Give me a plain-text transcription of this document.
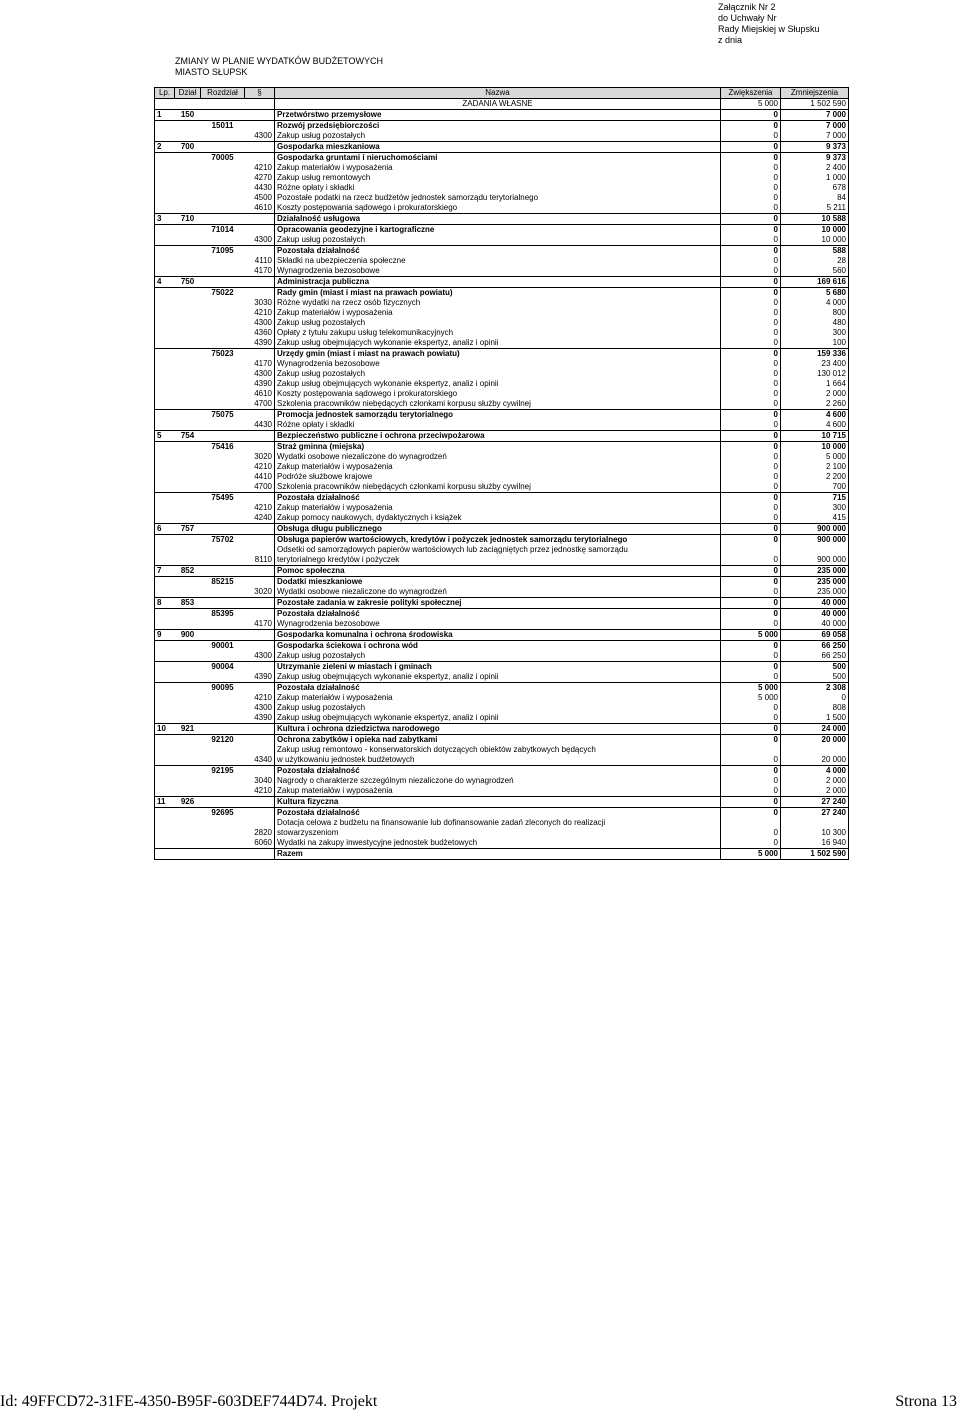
Załącznik Nr 2
do Uchwały Nr
Rady Miejskiej w Słupsku
z dnia
ZMIANY W PLANIE WYDATKÓW BUDŻETOWYCH
MIASTO SŁUPSK
Lp.	Dział	Rozdział	§	Nazwa	Zwiększenia	Zmniejszenia
				ZADANIA WŁASNE	5 000	1 502 590
1	150			Przetwórstwo przemysłowe	0	7 000
		15011		Rozwój przedsiębiorczości	0	7 000
			4300	Zakup usług pozostałych	0	7 000
2	700			Gospodarka mieszkaniowa	0	9 373
		70005		Gospodarka gruntami i nieruchomościami	0	9 373
			4210	Zakup materiałów i wyposażenia	0	2 400
			4270	Zakup usług remontowych	0	1 000
			4430	Różne opłaty i składki	0	678
			4500	Pozostałe podatki na rzecz budżetów jednostek samorządu terytorialnego	0	84
			4610	Koszty postępowania sądowego i prokuratorskiego	0	5 211
3	710			Działalność usługowa	0	10 588
		71014		Opracowania geodezyjne i kartograficzne	0	10 000
			4300	Zakup usług pozostałych	0	10 000
		71095		Pozostała działalność	0	588
			4110	Składki na ubezpieczenia społeczne	0	28
			4170	Wynagrodzenia bezosobowe	0	560
4	750			Administracja publiczna	0	169 616
		75022		Rady gmin (miast i miast na prawach powiatu)	0	5 680
			3030	Różne wydatki na rzecz osób fizycznych	0	4 000
			4210	Zakup materiałów i wyposażenia	0	800
			4300	Zakup usług pozostałych	0	480
			4360	Opłaty z tytułu zakupu usług telekomunikacyjnych	0	300
			4390	Zakup usług obejmujących wykonanie ekspertyz, analiz i opinii	0	100
		75023		Urzędy gmin (miast i miast na prawach powiatu)	0	159 336
			4170	Wynagrodzenia bezosobowe	0	23 400
			4300	Zakup usług pozostałych	0	130 012
			4390	Zakup usług obejmujących wykonanie ekspertyz, analiz i opinii	0	1 664
			4610	Koszty postępowania sądowego i prokuratorskiego	0	2 000
			4700	Szkolenia pracowników niebędących członkami korpusu służby cywilnej	0	2 260
		75075		Promocja jednostek samorządu terytorialnego	0	4 600
			4430	Różne opłaty i składki	0	4 600
5	754			Bezpieczeństwo publiczne i ochrona przeciwpożarowa	0	10 715
		75416		Straż gminna (miejska)	0	10 000
			3020	Wydatki osobowe niezaliczone do wynagrodzeń	0	5 000
			4210	Zakup materiałów i wyposażenia	0	2 100
			4410	Podróże służbowe krajowe	0	2 200
			4700	Szkolenia pracowników niebędących członkami korpusu służby cywilnej	0	700
		75495		Pozostała działalność	0	715
			4210	Zakup materiałów i wyposażenia	0	300
			4240	Zakup pomocy naukowych, dydaktycznych i książek	0	415
6	757			Obsługa długu publicznego	0	900 000
		75702		Obsługa papierów wartościowych, kredytów i pożyczek jednostek samorządu terytorialnego	0	900 000
			8110	Odsetki od samorządowych papierów wartościowych lub zaciągniętych przez jednostkę samorządu
terytorialnego kredytów i pożyczek	0	900 000
7	852			Pomoc społeczna	0	235 000
		85215		Dodatki mieszkaniowe	0	235 000
			3020	Wydatki osobowe niezaliczone do wynagrodzeń	0	235 000
8	853			Pozostałe zadania w zakresie polityki społecznej	0	40 000
		85395		Pozostała działalność	0	40 000
			4170	Wynagrodzenia bezosobowe	0	40 000
9	900			Gospodarka komunalna i ochrona środowiska	5 000	69 058
		90001		Gospodarka ściekowa i ochrona wód	0	66 250
			4300	Zakup usług pozostałych	0	66 250
		90004		Utrzymanie zieleni w miastach i gminach	0	500
			4390	Zakup usług obejmujących wykonanie ekspertyz, analiz i opinii	0	500
		90095		Pozostała działalność	5 000	2 308
			4210	Zakup materiałów i wyposażenia	5 000	0
			4300	Zakup usług pozostałych	0	808
			4390	Zakup usług obejmujących wykonanie ekspertyz, analiz i opinii	0	1 500
10	921			Kultura i ochrona dziedzictwa narodowego	0	24 000
		92120		Ochrona zabytków i opieka nad zabytkami	0	20 000
			4340	Zakup usług remontowo - konserwatorskich dotyczących obiektów zabytkowych będących
w użytkowaniu jednostek budżetowych	0	20 000
		92195		Pozostała działalność	0	4 000
			3040	Nagrody o charakterze szczególnym niezaliczone do wynagrodzeń	0	2 000
			4210	Zakup materiałów i wyposażenia	0	2 000
11	926			Kultura fizyczna	0	27 240
		92695		Pozostała działalność	0	27 240
			2820	Dotacja celowa z budżetu na finansowanie lub dofinansowanie zadań zleconych do realizacji
stowarzyszeniom	0	10 300
			6060	Wydatki na zakupy inwestycyjne jednostek budżetowych	0	16 940
				Razem	5 000	1 502 590
Id: 49FFCD72-31FE-4350-B95F-603DEF744D74. Projekt	Strona 13
